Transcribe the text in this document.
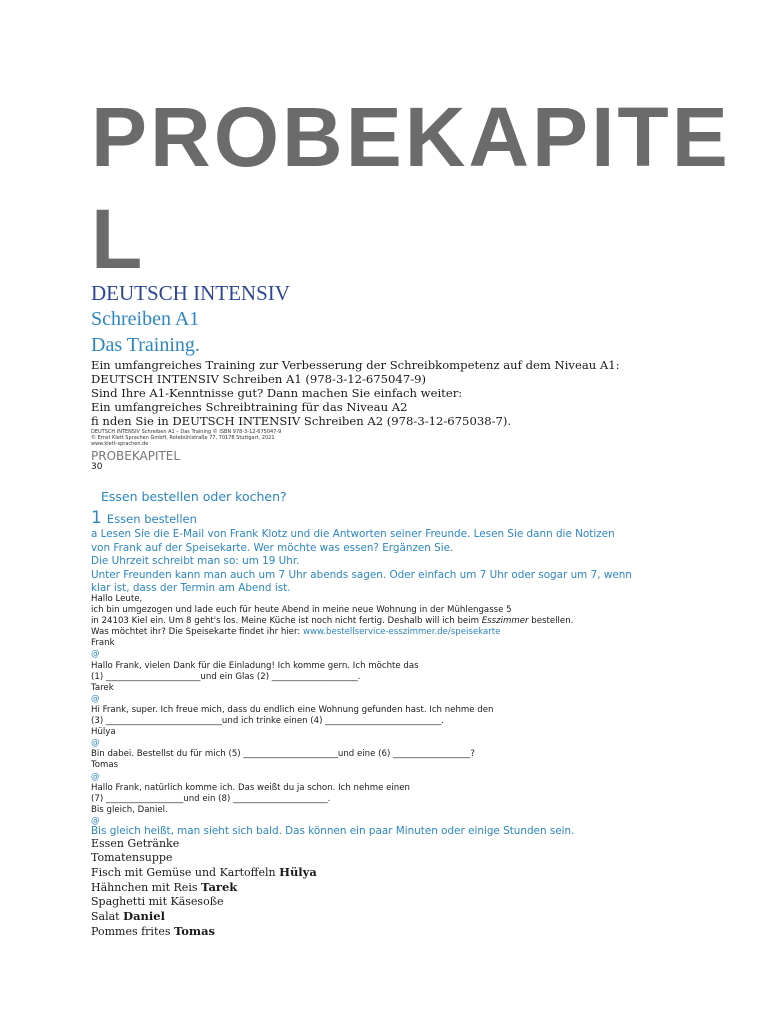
PROBEKAPITE
L
DEUTSCH INTENSIV
Schreiben A1
Das Training.
Ein umfangreiches Training zur Verbesserung der Schreibkompetenz auf dem Niveau A1:
DEUTSCH INTENSIV Schreiben A1 (978-3-12-675047-9)
Sind Ihre A1-Kenntnisse gut? Dann machen Sie einfach weiter:
Ein umfangreiches Schreibtraining für das Niveau A2
fi nden Sie in DEUTSCH INTENSIV Schreiben A2 (978-3-12-675038-7).
DEUTSCH INTENSIV Schreiben A1 – Das Training © ISBN 978-3-12-675047-9
© Ernst Klett Sprachen GmbH, Rotebühlstraße 77, 70178 Stuttgart, 2021
www.klett-sprachen.de
PROBEKAPITEL
30
Essen bestellen oder kochen?
1 Essen bestellen
a Lesen Sie die E-Mail von Frank Klotz und die Antworten seiner Freunde. Lesen Sie dann die Notizen
von Frank auf der Speisekarte. Wer möchte was essen? Ergänzen Sie.
Die Uhrzeit schreibt man so: um 19 Uhr.
Unter Freunden kann man auch um 7 Uhr abends sagen. Oder einfach um 7 Uhr oder sogar um 7, wenn
klar ist, dass der Termin am Abend ist.
Hallo Leute,
ich bin umgezogen und lade euch für heute Abend in meine neue Wohnung in der Mühlengasse 5
in 24103 Kiel ein. Um 8 geht's los. Meine Küche ist noch nicht fertig. Deshalb will ich beim Esszimmer bestellen.
Was möchtet ihr? Die Speisekarte findet ihr hier: www.bestellservice-esszimmer.de/speisekarte
Frank
@
Hallo Frank, vielen Dank für die Einladung! Ich komme gern. Ich möchte das
(1) ______________________und ein Glas (2) ____________________.
Tarek
@
Hi Frank, super. Ich freue mich, dass du endlich eine Wohnung gefunden hast. Ich nehme den
(3) ___________________________und ich trinke einen (4) ___________________________.
Hülya
@
Bin dabei. Bestellst du für mich (5) ______________________und eine (6) __________________?
Tomas
@
Hallo Frank, natürlich komme ich. Das weißt du ja schon. Ich nehme einen
(7) __________________und ein (8) ______________________.
Bis gleich, Daniel.
@
Bis gleich heißt, man sieht sich bald. Das können ein paar Minuten oder einige Stunden sein.
Essen Getränke
Tomatensuppe
Fisch mit Gemüse und Kartoffeln Hülya
Hähnchen mit Reis Tarek
Spaghetti mit Käsesoße
Salat Daniel
Pommes frites Tomas
